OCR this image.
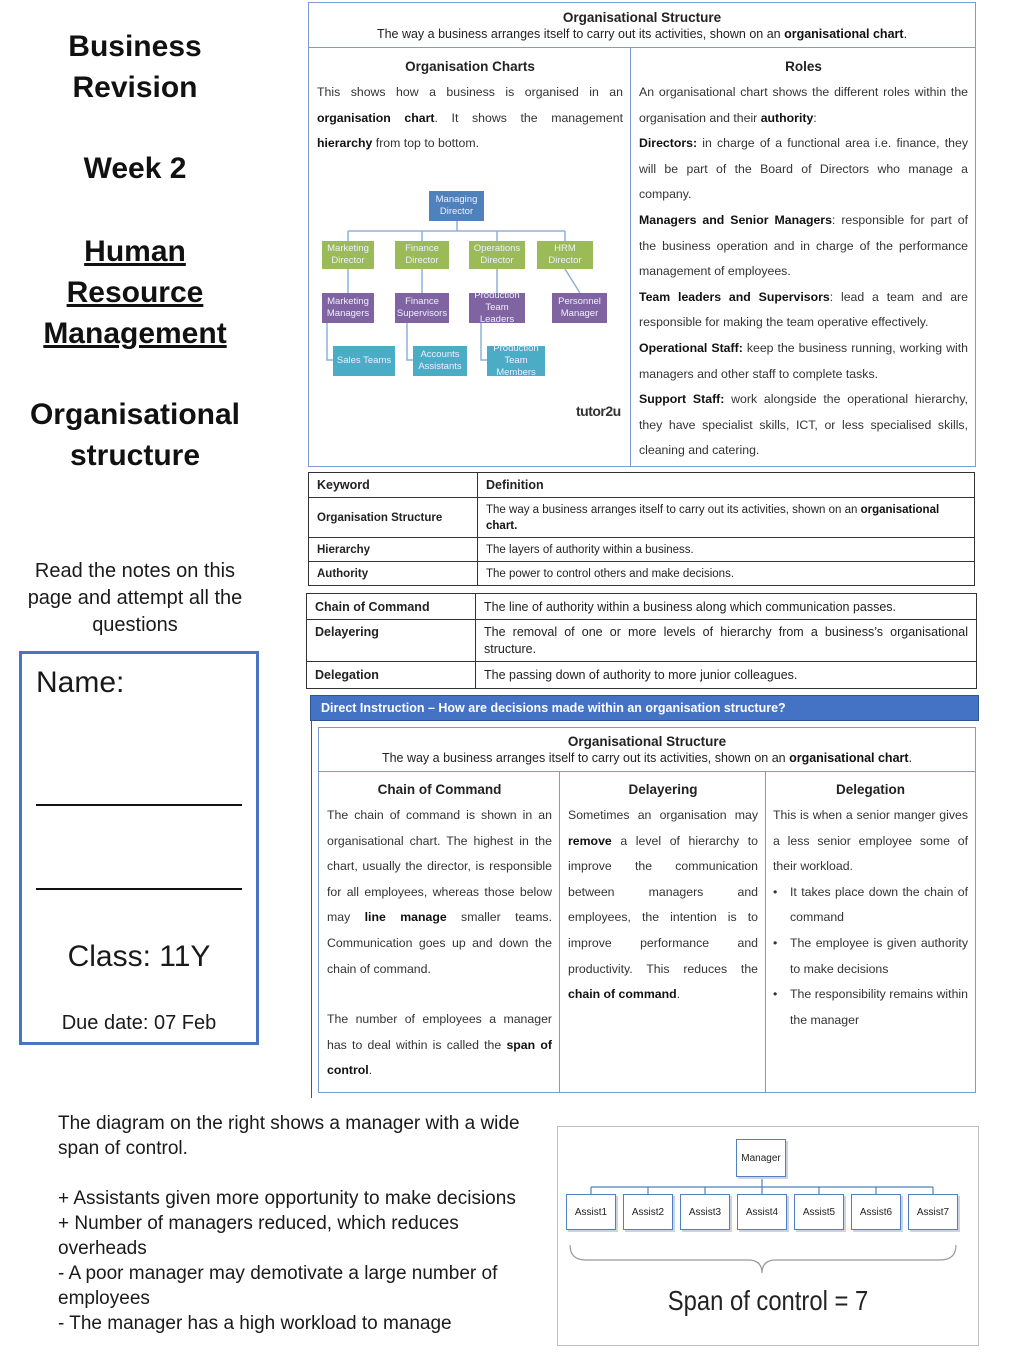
Business
Revision
Week 2
Human
Resource
Management
Organisational
structure
Read the notes on this page and attempt all the questions
Name:
Class: 11Y
Due date: 07 Feb
Organisational Structure
The way a business arranges itself to carry out its activities, shown on an organisational chart.
Organisation Charts
This shows how a business is organised in an organisation chart. It shows the management hierarchy from top to bottom.
Managing Director
Marketing Director
Finance Director
Operations Director
HRM Director
Marketing Managers
Finance Supervisors
Production Team Leaders
Personnel Manager
Sales Teams
Accounts Assistants
Production Team Members
tutor2u
Roles
An organisational chart shows the different roles within the organisation and their authority:
Directors: in charge of a functional area i.e. finance, they will be part of the Board of Directors who manage a company.
Managers and Senior Managers: responsible for part of the business operation and in charge of the performance management of employees.
Team leaders and Supervisors: lead a team and are responsible for making the team operative effectively.
Operational Staff: keep the business running, working with managers and other staff to complete tasks.
Support Staff: work alongside the operational hierarchy, they have specialist skills, ICT, or less specialised skills, cleaning and catering.
Keyword	Definition
Organisation Structure	The way a business arranges itself to carry out its activities, shown on an organisational chart.
Hierarchy	The layers of authority within a business.
Authority	The power to control others and make decisions.
Chain of Command	The line of authority within a business along which communication passes.
Delayering	The removal of one or more levels of hierarchy from a business’s organisational structure.
Delegation	The passing down of authority to more junior colleagues.
Direct Instruction – How are decisions made within an organisation structure?
Organisational Structure
The way a business arranges itself to carry out its activities, shown on an organisational chart.
Chain of Command
The chain of command is shown in an organisational chart. The highest in the chart, usually the director, is responsible for all employees, whereas those below may line manage smaller teams. Communication goes up and down the chain of command.
The number of employees a manager has to deal within is called the span of control.
Delayering
Sometimes an organisation may remove a level of hierarchy to improve the communication between managers and employees, the intention is to improve performance and productivity. This reduces the chain of command.
Delegation
This is when a senior manger gives a less senior employee some of their workload.
•	It takes place down the chain of command
•	The employee is given authority to make decisions
•	The responsibility remains within the manager
The diagram on the right shows a manager with a wide span of control.
+ Assistants given more opportunity to make decisions
+ Number of managers reduced, which reduces overheads
- A poor manager may demotivate a large number of employees
- The manager has a high workload to manage
Manager
Assist1	Assist2	Assist3	Assist4	Assist5	Assist6	Assist7
Span of control = 7
